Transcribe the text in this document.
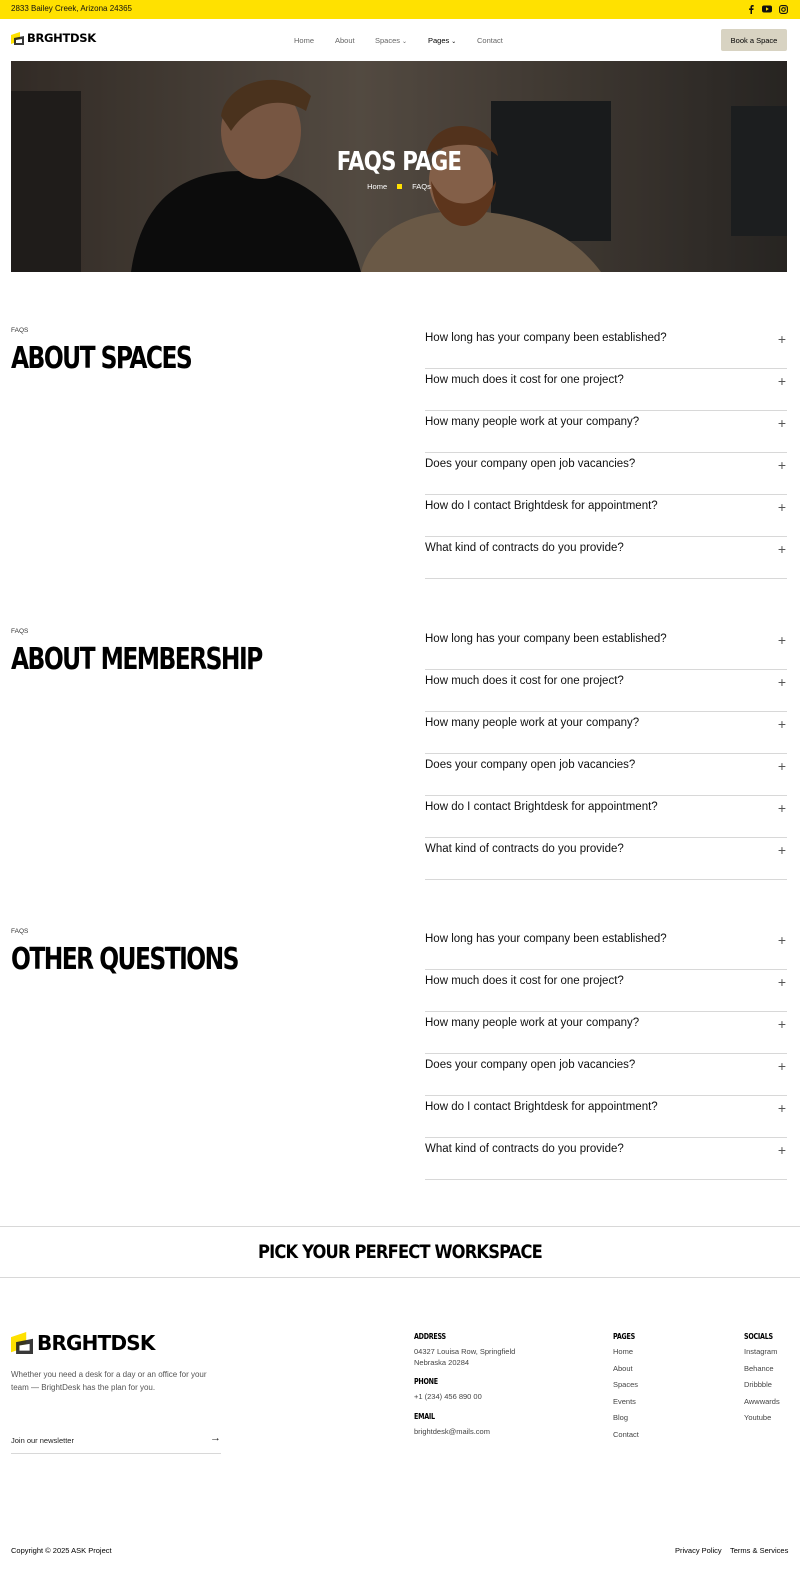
2833 Bailey Creek, Arizona 24365
BRGHTDSK	Home	About	Spaces ⌄	Pages ⌄	Contact	Book a Space
FAQS PAGE
Home	FAQs
FAQS
ABOUT SPACES
How long has your company been established?	+
How much does it cost for one project?	+
How many people work at your company?	+
Does your company open job vacancies?	+
How do I contact Brightdesk for appointment?	+
What kind of contracts do you provide?	+
FAQS
ABOUT MEMBERSHIP
How long has your company been established?	+
How much does it cost for one project?	+
How many people work at your company?	+
Does your company open job vacancies?	+
How do I contact Brightdesk for appointment?	+
What kind of contracts do you provide?	+
FAQS
OTHER QUESTIONS
How long has your company been established?	+
How much does it cost for one project?	+
How many people work at your company?	+
Does your company open job vacancies?	+
How do I contact Brightdesk for appointment?	+
What kind of contracts do you provide?	+
PICK YOUR PERFECT WORKSPACE
BRGHTDSK
Whether you need a desk for a day or an office for your team — BrightDesk has the plan for you.
Join our newsletter	→
ADDRESS
04327 Louisa Row, Springfield
Nebraska 20284
PHONE
+1 (234) 456 890 00
EMAIL
brightdesk@mails.com
PAGES
Home
About
Spaces
Events
Blog
Contact
SOCIALS
Instagram
Behance
Dribbble
Awwwards
Youtube
Copyright © 2025 ASK Project	Privacy Policy Terms & Services
